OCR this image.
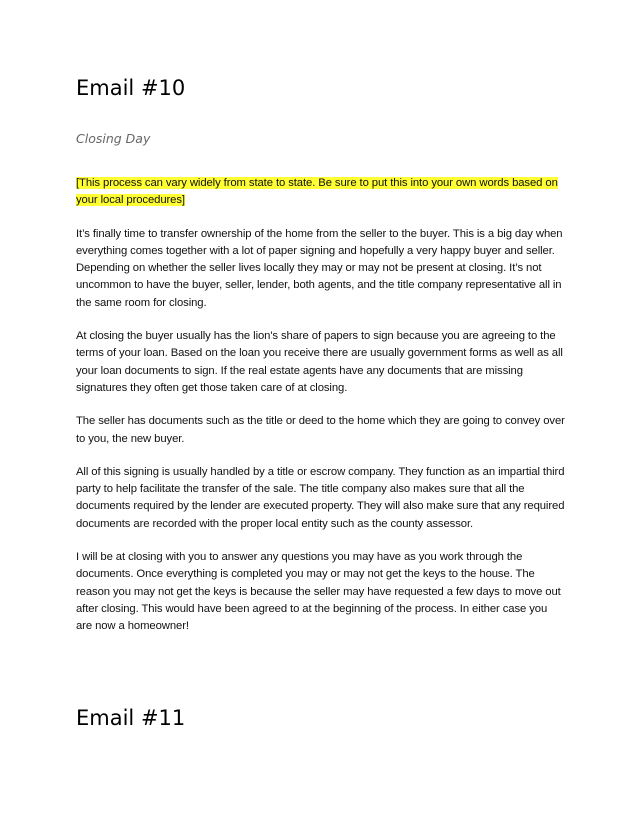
Email #10

Closing Day

[This process can vary widely from state to state. Be sure to put this into your own words based on your local procedures]

It’s finally time to transfer ownership of the home from the seller to the buyer. This is a big day when everything comes together with a lot of paper signing and hopefully a very happy buyer and seller. Depending on whether the seller lives locally they may or may not be present at closing. It’s not uncommon to have the buyer, seller, lender, both agents, and the title company representative all in the same room for closing.

At closing the buyer usually has the lion's share of papers to sign because you are agreeing to the terms of your loan. Based on the loan you receive there are usually government forms as well as all your loan documents to sign. If the real estate agents have any documents that are missing signatures they often get those taken care of at closing.

The seller has documents such as the title or deed to the home which they are going to convey over to you, the new buyer.

All of this signing is usually handled by a title or escrow company. They function as an impartial third party to help facilitate the transfer of the sale. The title company also makes sure that all the documents required by the lender are executed property. They will also make sure that any required documents are recorded with the proper local entity such as the county assessor.

I will be at closing with you to answer any questions you may have as you work through the documents. Once everything is completed you may or may not get the keys to the house. The reason you may not get the keys is because the seller may have requested a few days to move out after closing. This would have been agreed to at the beginning of the process. In either case you are now a homeowner!

Email #11
